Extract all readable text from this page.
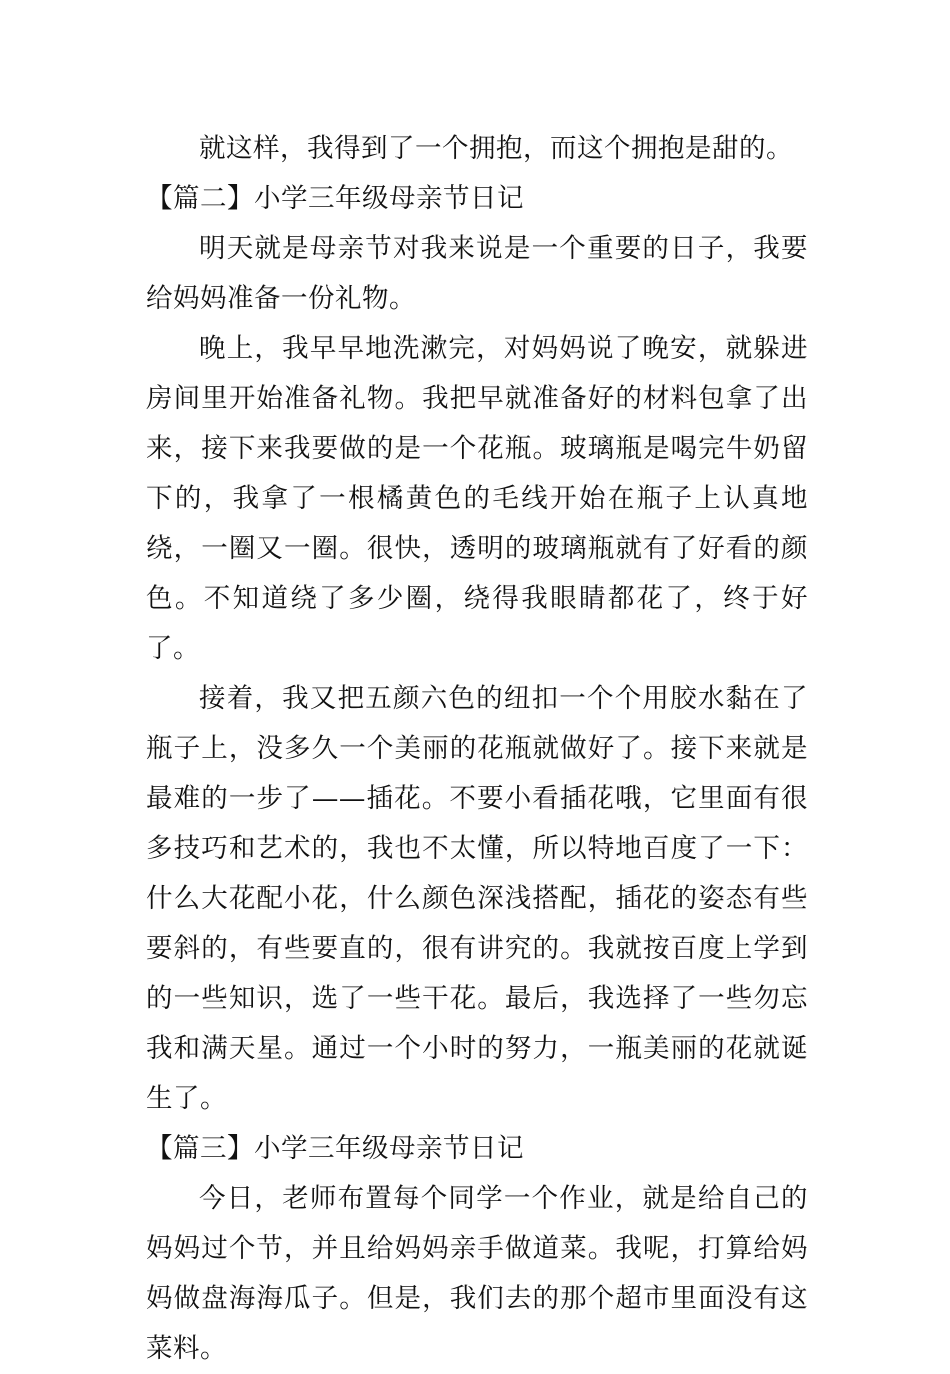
就这样，我得到了一个拥抱，而这个拥抱是甜的。

【篇二】小学三年级母亲节日记

明天就是母亲节对我来说是一个重要的日子，我要给妈妈准备一份礼物。

晚上，我早早地洗漱完，对妈妈说了晚安，就躲进房间里开始准备礼物。我把早就准备好的材料包拿了出来，接下来我要做的是一个花瓶。玻璃瓶是喝完牛奶留下的，我拿了一根橘黄色的毛线开始在瓶子上认真地绕，一圈又一圈。很快，透明的玻璃瓶就有了好看的颜色。不知道绕了多少圈，绕得我眼睛都花了，终于好了。

接着，我又把五颜六色的纽扣一个个用胶水黏在了瓶子上，没多久一个美丽的花瓶就做好了。接下来就是最难的一步了——插花。不要小看插花哦，它里面有很多技巧和艺术的，我也不太懂，所以特地百度了一下：什么大花配小花，什么颜色深浅搭配，插花的姿态有些要斜的，有些要直的，很有讲究的。我就按百度上学到的一些知识，选了一些干花。最后，我选择了一些勿忘我和满天星。通过一个小时的努力，一瓶美丽的花就诞生了。

【篇三】小学三年级母亲节日记

今日，老师布置每个同学一个作业，就是给自己的妈妈过个节，并且给妈妈亲手做道菜。我呢，打算给妈妈做盘海海瓜子。但是，我们去的那个超市里面没有这菜料。
